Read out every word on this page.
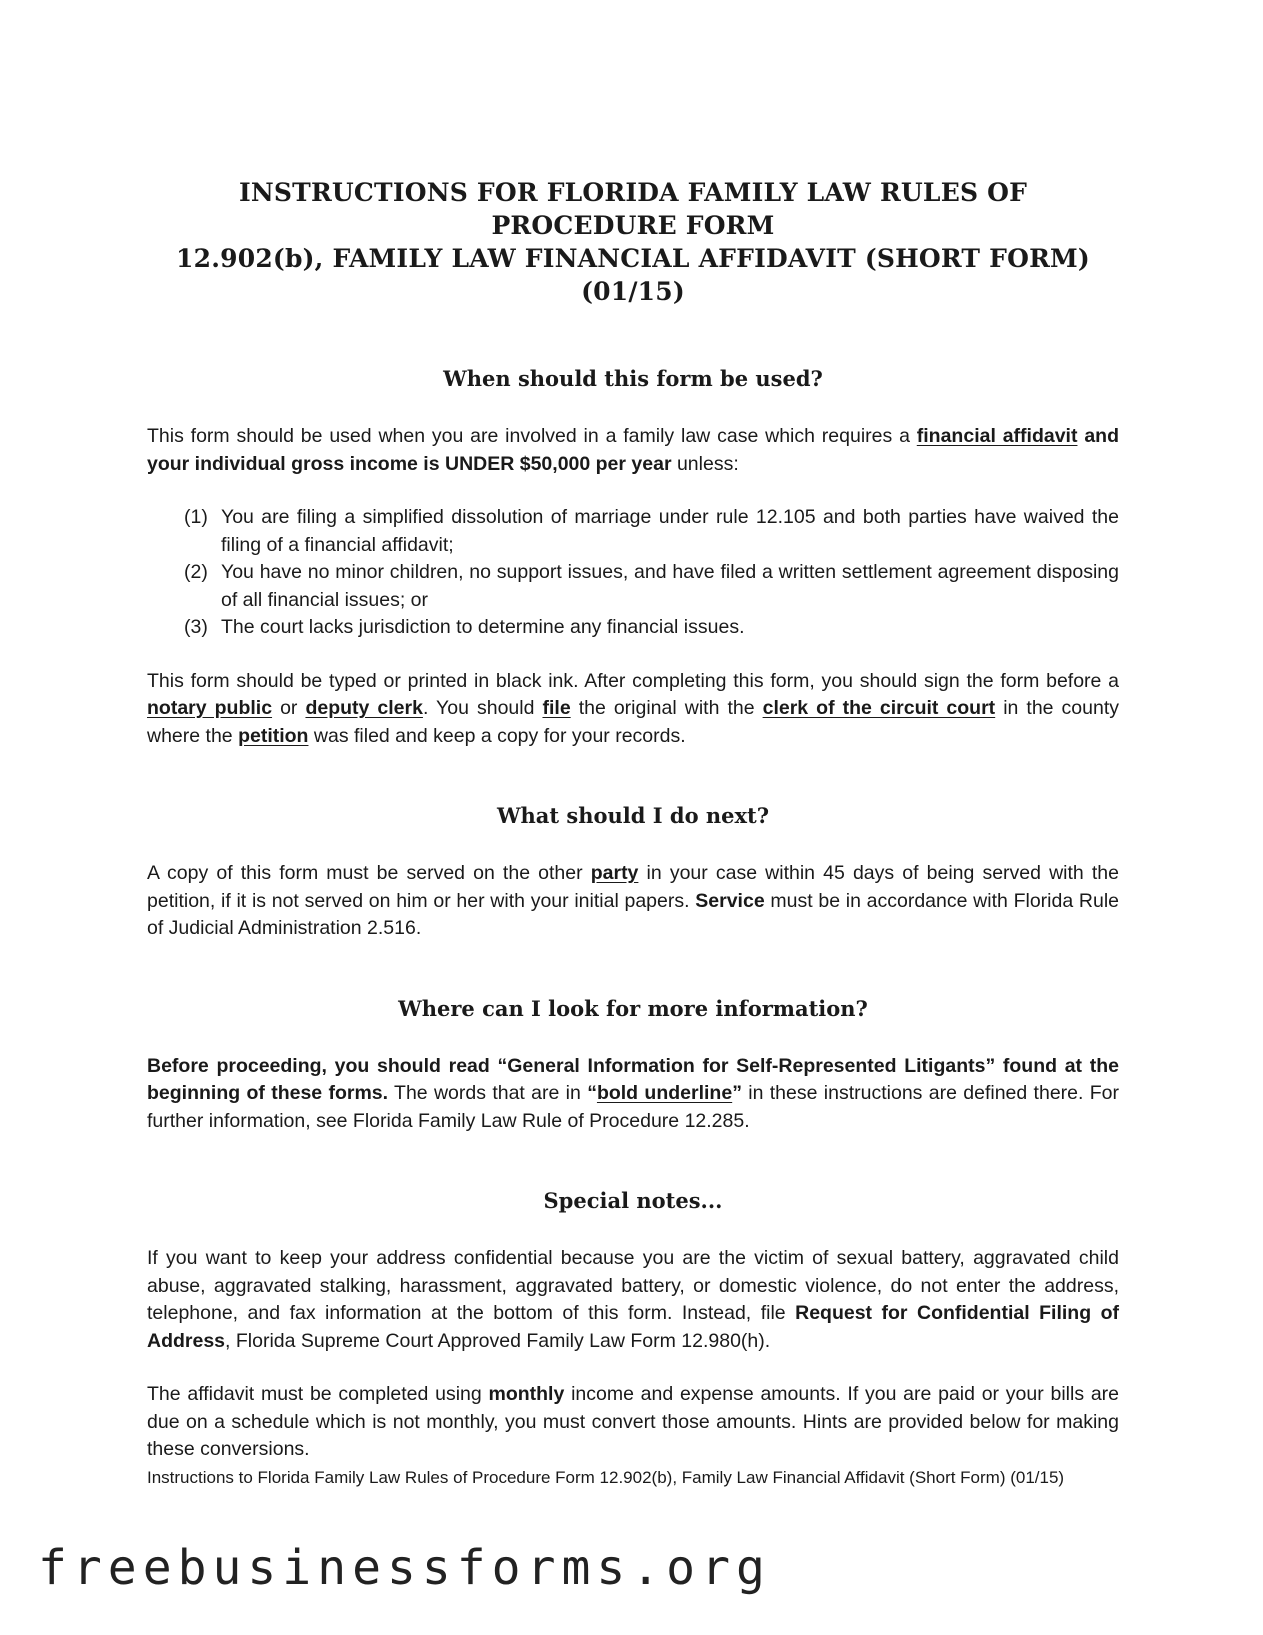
INSTRUCTIONS FOR FLORIDA FAMILY LAW RULES OF PROCEDURE FORM
12.902(b), FAMILY LAW FINANCIAL AFFIDAVIT (SHORT FORM) (01/15)
When should this form be used?

This form should be used when you are involved in a family law case which requires a financial affidavit and your individual gross income is UNDER $50,000 per year unless:

(1) You are filing a simplified dissolution of marriage under rule 12.105 and both parties have waived the filing of a financial affidavit;
(2) You have no minor children, no support issues, and have filed a written settlement agreement disposing of all financial issues; or
(3) The court lacks jurisdiction to determine any financial issues.

This form should be typed or printed in black ink. After completing this form, you should sign the form before a notary public or deputy clerk. You should file the original with the clerk of the circuit court in the county where the petition was filed and keep a copy for your records.

What should I do next?

A copy of this form must be served on the other party in your case within 45 days of being served with the petition, if it is not served on him or her with your initial papers. Service must be in accordance with Florida Rule of Judicial Administration 2.516.

Where can I look for more information?

Before proceeding, you should read “General Information for Self-Represented Litigants” found at the beginning of these forms. The words that are in “bold underline” in these instructions are defined there. For further information, see Florida Family Law Rule of Procedure 12.285.

Special notes...

If you want to keep your address confidential because you are the victim of sexual battery, aggravated child abuse, aggravated stalking, harassment, aggravated battery, or domestic violence, do not enter the address, telephone, and fax information at the bottom of this form. Instead, file Request for Confidential Filing of Address, Florida Supreme Court Approved Family Law Form 12.980(h).

The affidavit must be completed using monthly income and expense amounts. If you are paid or your bills are due on a schedule which is not monthly, you must convert those amounts. Hints are provided below for making these conversions.

Instructions to Florida Family Law Rules of Procedure Form 12.902(b), Family Law Financial Affidavit (Short Form) (01/15)

freebusinessforms.org
